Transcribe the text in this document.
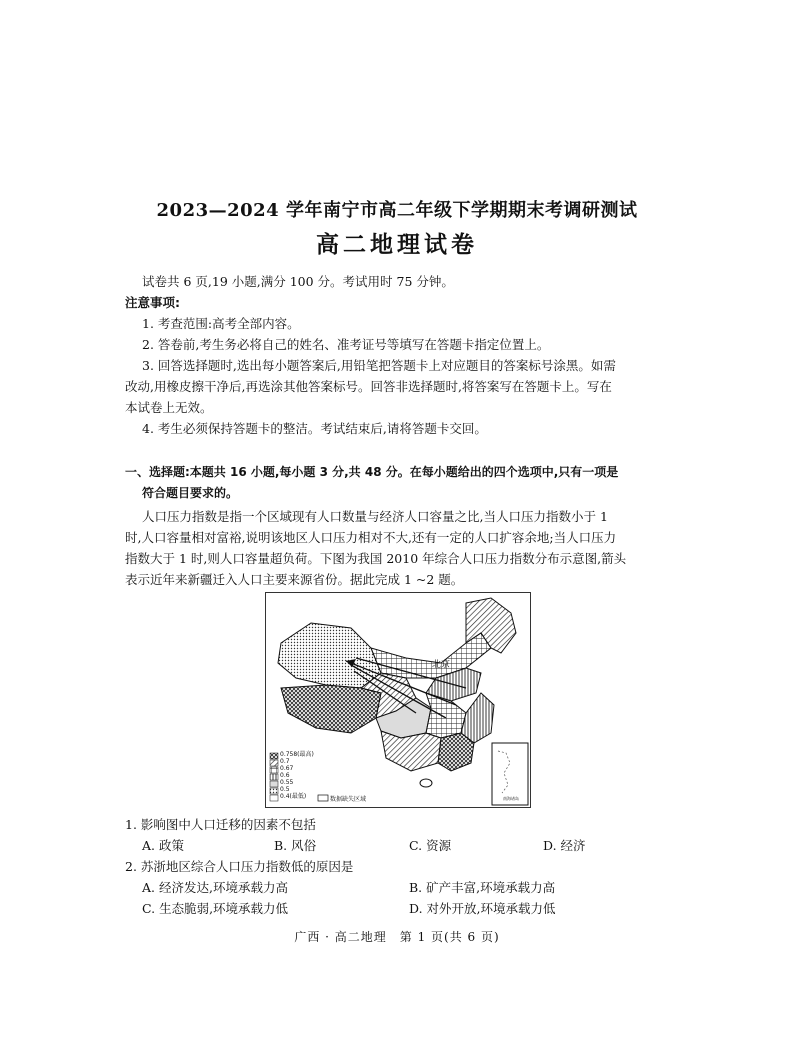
2023—2024 学年南宁市高二年级下学期期末考调研测试
高二地理试卷
试卷共 6 页,19 小题,满分 100 分。考试用时 75 分钟。
注意事项:
1. 考查范围:高考全部内容。
2. 答卷前,考生务必将自己的姓名、准考证号等填写在答题卡指定位置上。
3. 回答选择题时,选出每小题答案后,用铅笔把答题卡上对应题目的答案标号涂黑。如需
改动,用橡皮擦干净后,再选涂其他答案标号。回答非选择题时,将答案写在答题卡上。写在
本试卷上无效。
4. 考生必须保持答题卡的整洁。考试结束后,请将答题卡交回。
一、选择题:本题共 16 小题,每小题 3 分,共 48 分。在每小题给出的四个选项中,只有一项是
符合题目要求的。
人口压力指数是指一个区域现有人口数量与经济人口容量之比,当人口压力指数小于 1
时,人口容量相对富裕,说明该地区人口压力相对不大,还有一定的人口扩容余地;当人口压力
指数大于 1 时,则人口容量超负荷。下图为我国 2010 年综合人口压力指数分布示意图,箭头
表示近年来新疆迁入人口主要来源省份。据此完成 1 ~2 题。
北京
0.758(最高)
0.7
0.67
0.6
0.55
0.5
0.4(最低)	数据缺失区域	南海诸岛
1. 影响图中人口迁移的因素不包括
A. 政策	B. 风俗	C. 资源	D. 经济
2. 苏浙地区综合人口压力指数低的原因是
A. 经济发达,环境承载力高	B. 矿产丰富,环境承载力高
C. 生态脆弱,环境承载力低	D. 对外开放,环境承载力低
广西 · 高二地理　第 1 页(共 6 页)
